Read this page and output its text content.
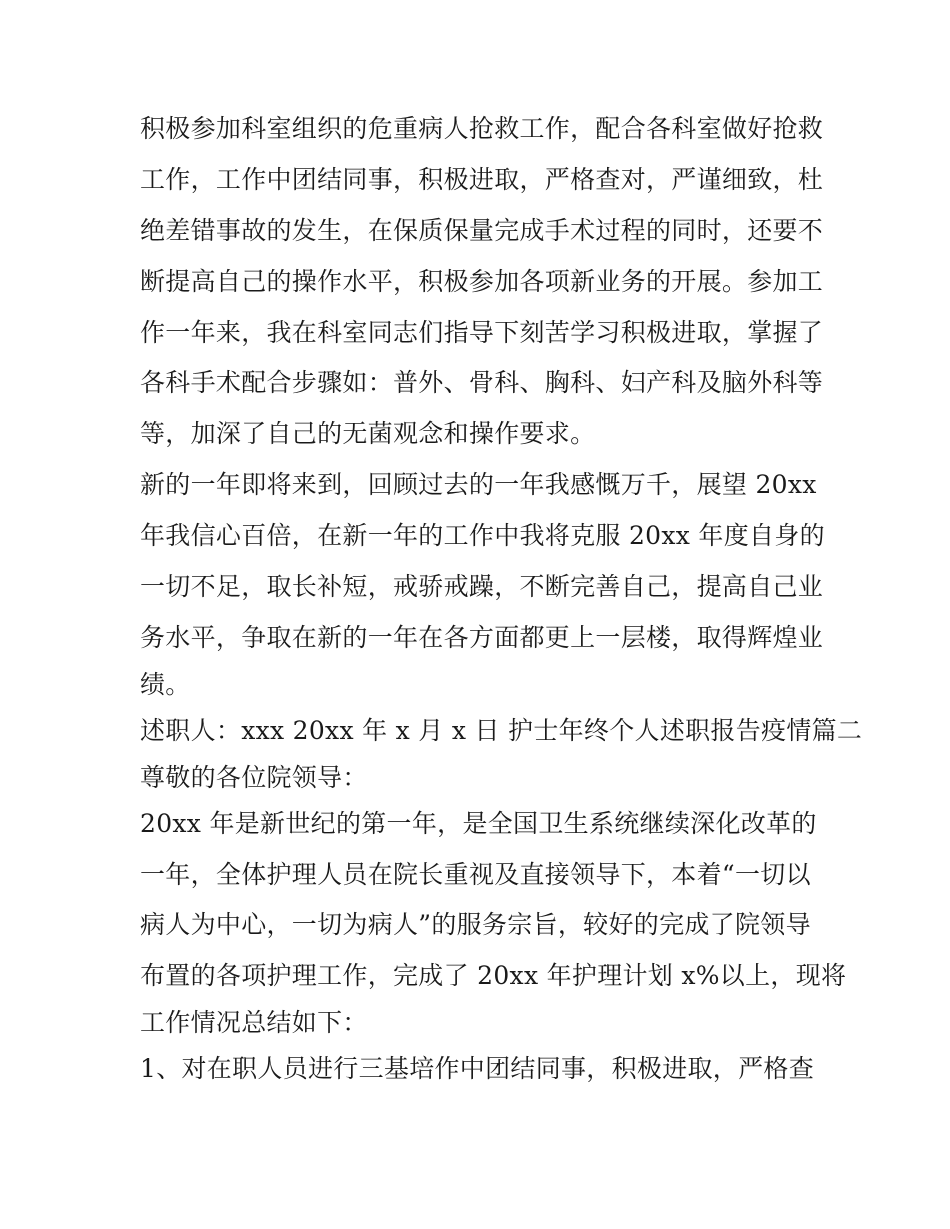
积极参加科室组织的危重病人抢救工作，配合各科室做好抢救
工作，工作中团结同事，积极进取，严格查对，严谨细致，杜
绝差错事故的发生，在保质保量完成手术过程的同时，还要不
断提高自己的操作水平，积极参加各项新业务的开展。参加工
作一年来，我在科室同志们指导下刻苦学习积极进取，掌握了
各科手术配合步骤如：普外、骨科、胸科、妇产科及脑外科等
等，加深了自己的无菌观念和操作要求。
新的一年即将来到，回顾过去的一年我感慨万千，展望 20xx
年我信心百倍，在新一年的工作中我将克服 20xx 年度自身的
一切不足，取长补短，戒骄戒躁，不断完善自己，提高自己业
务水平，争取在新的一年在各方面都更上一层楼，取得辉煌业
绩。
述职人：xxx 20xx 年 x 月 x 日 护士年终个人述职报告疫情篇二
尊敬的各位院领导：
20xx 年是新世纪的第一年，是全国卫生系统继续深化改革的
一年，全体护理人员在院长重视及直接领导下，本着“一切以
病人为中心，一切为病人”的服务宗旨，较好的完成了院领导
布置的各项护理工作，完成了 20xx 年护理计划 x%以上，现将
工作情况总结如下：
1、对在职人员进行三基培作中团结同事，积极进取，严格查
